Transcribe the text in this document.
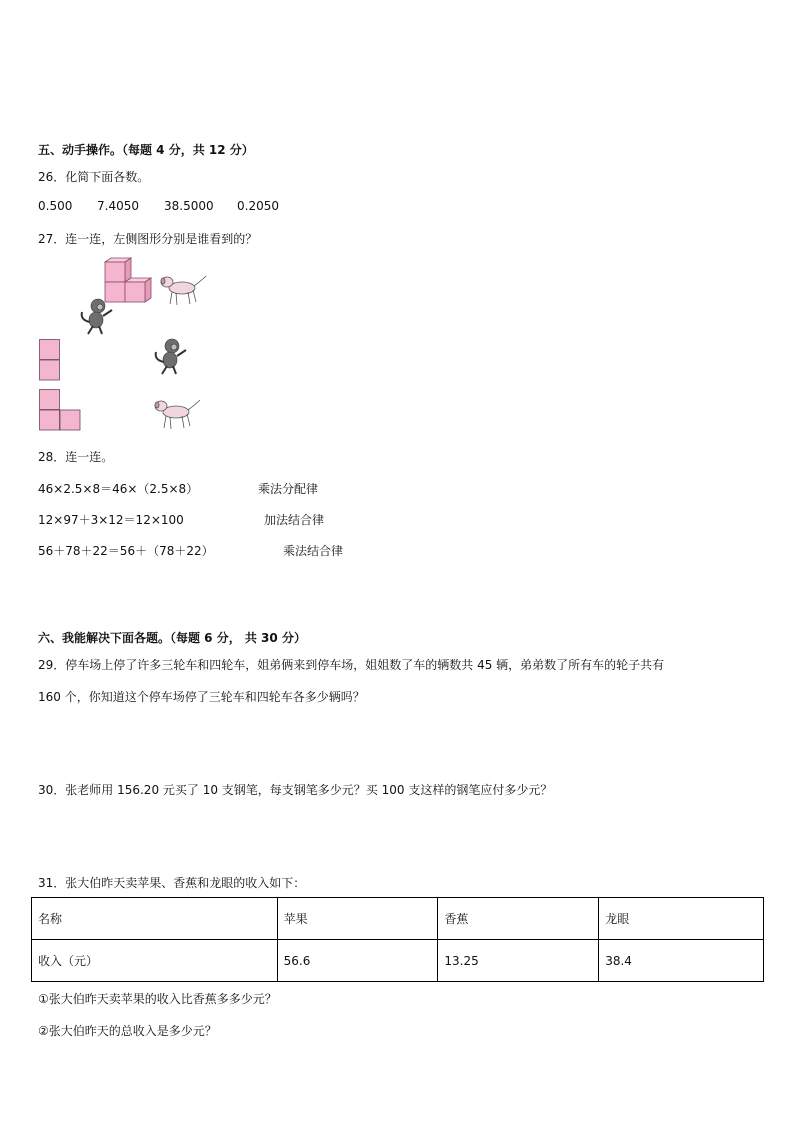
五、动手操作。（每题 4 分，共 12 分）
26．化简下面各数。
0.500 7.4050 38.5000 0.2050
27．连一连，左侧图形分别是谁看到的？
28．连一连。
46×2.5×8＝46×（2.5×8）	乘法分配律
12×97＋3×12＝12×100	加法结合律
56＋78＋22＝56＋（78＋22）	乘法结合律
六、我能解决下面各题。（每题 6 分， 共 30 分）
29．停车场上停了许多三轮车和四轮车，姐弟俩来到停车场，姐姐数了车的辆数共 45 辆，弟弟数了所有车的轮子共有
160 个，你知道这个停车场停了三轮车和四轮车各多少辆吗？
30．张老师用 156.20 元买了 10 支钢笔，每支钢笔多少元？买 100 支这样的钢笔应付多少元？
31．张大伯昨天卖苹果、香蕉和龙眼的收入如下：
名称	苹果	香蕉	龙眼
收入（元）	56.6	13.25	38.4
①张大伯昨天卖苹果的收入比香蕉多多少元？
②张大伯昨天的总收入是多少元？
